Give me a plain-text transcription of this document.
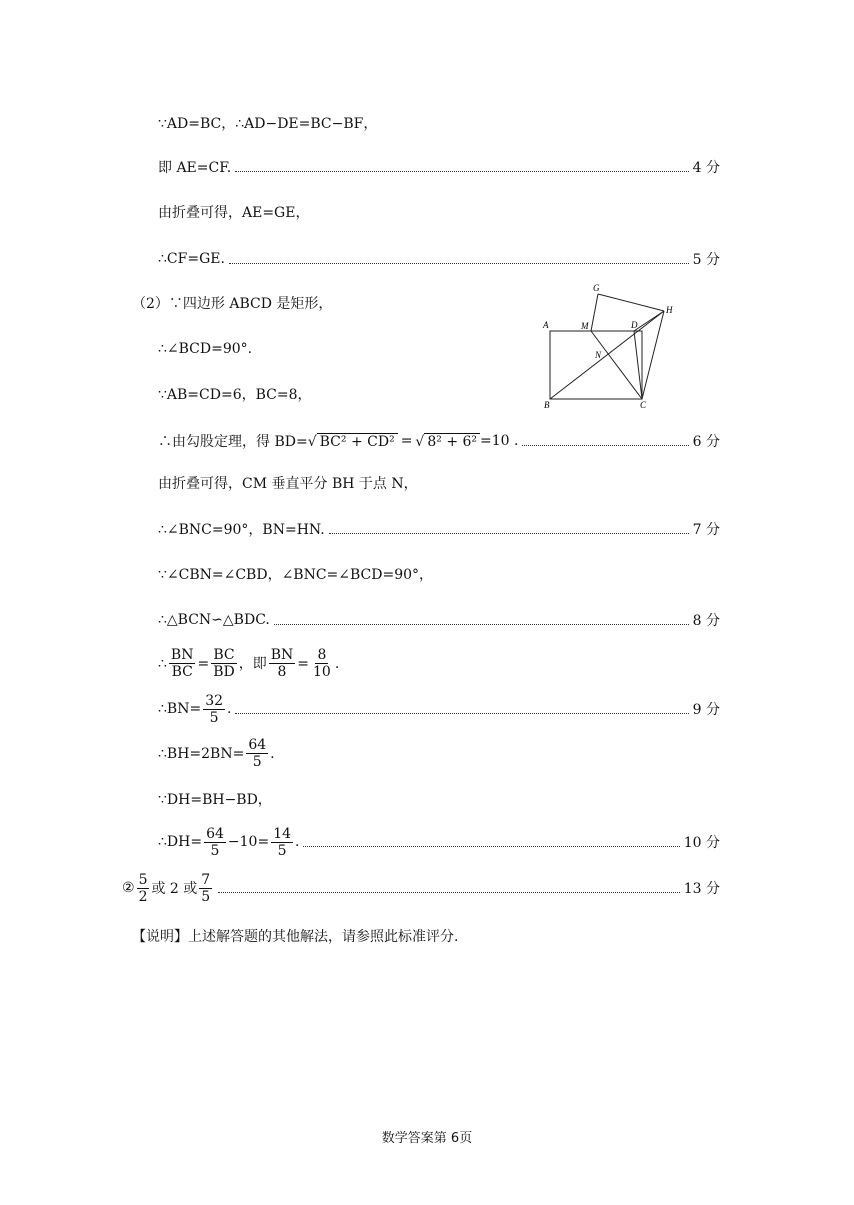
∵AD=BC，∴AD−DE=BC−BF，
即 AE=CF.	4 分
由折叠可得，AE=GE，
∴CF=GE.	5 分
（2）∵四边形 ABCD 是矩形，
G
H
A	M	D
N
B	C
∴∠BCD=90°.
∵AB=CD=6，BC=8，
∴由勾股定理，得 BD= √ BC² + CD² = √ 8² + 6² =10 .	6 分
由折叠可得，CM 垂直平分 BH 于点 N，
∴∠BNC=90°，BN=HN.	7 分
∵∠CBN=∠CBD，∠BNC=∠BCD=90°，
∴△BCN∽△BDC.	8 分
∴ $\frac{BN}{BC} = \frac{BC}{BD}$ ，即 $\frac{BN}{8} = \frac{8}{10}$ .
∴BN= $\frac{32}{5}$ .	9 分
∴BH=2BN= $\frac{64}{5}$ .
∵DH=BH−BD，
∴DH= $\frac{64}{5} -10= \frac{14}{5}$ .	10 分
② $\frac{5}{2}$ 或 2 或 $\frac{7}{5}$	13 分
【说明】上述解答题的其他解法，请参照此标准评分.
数学答案第 6页
